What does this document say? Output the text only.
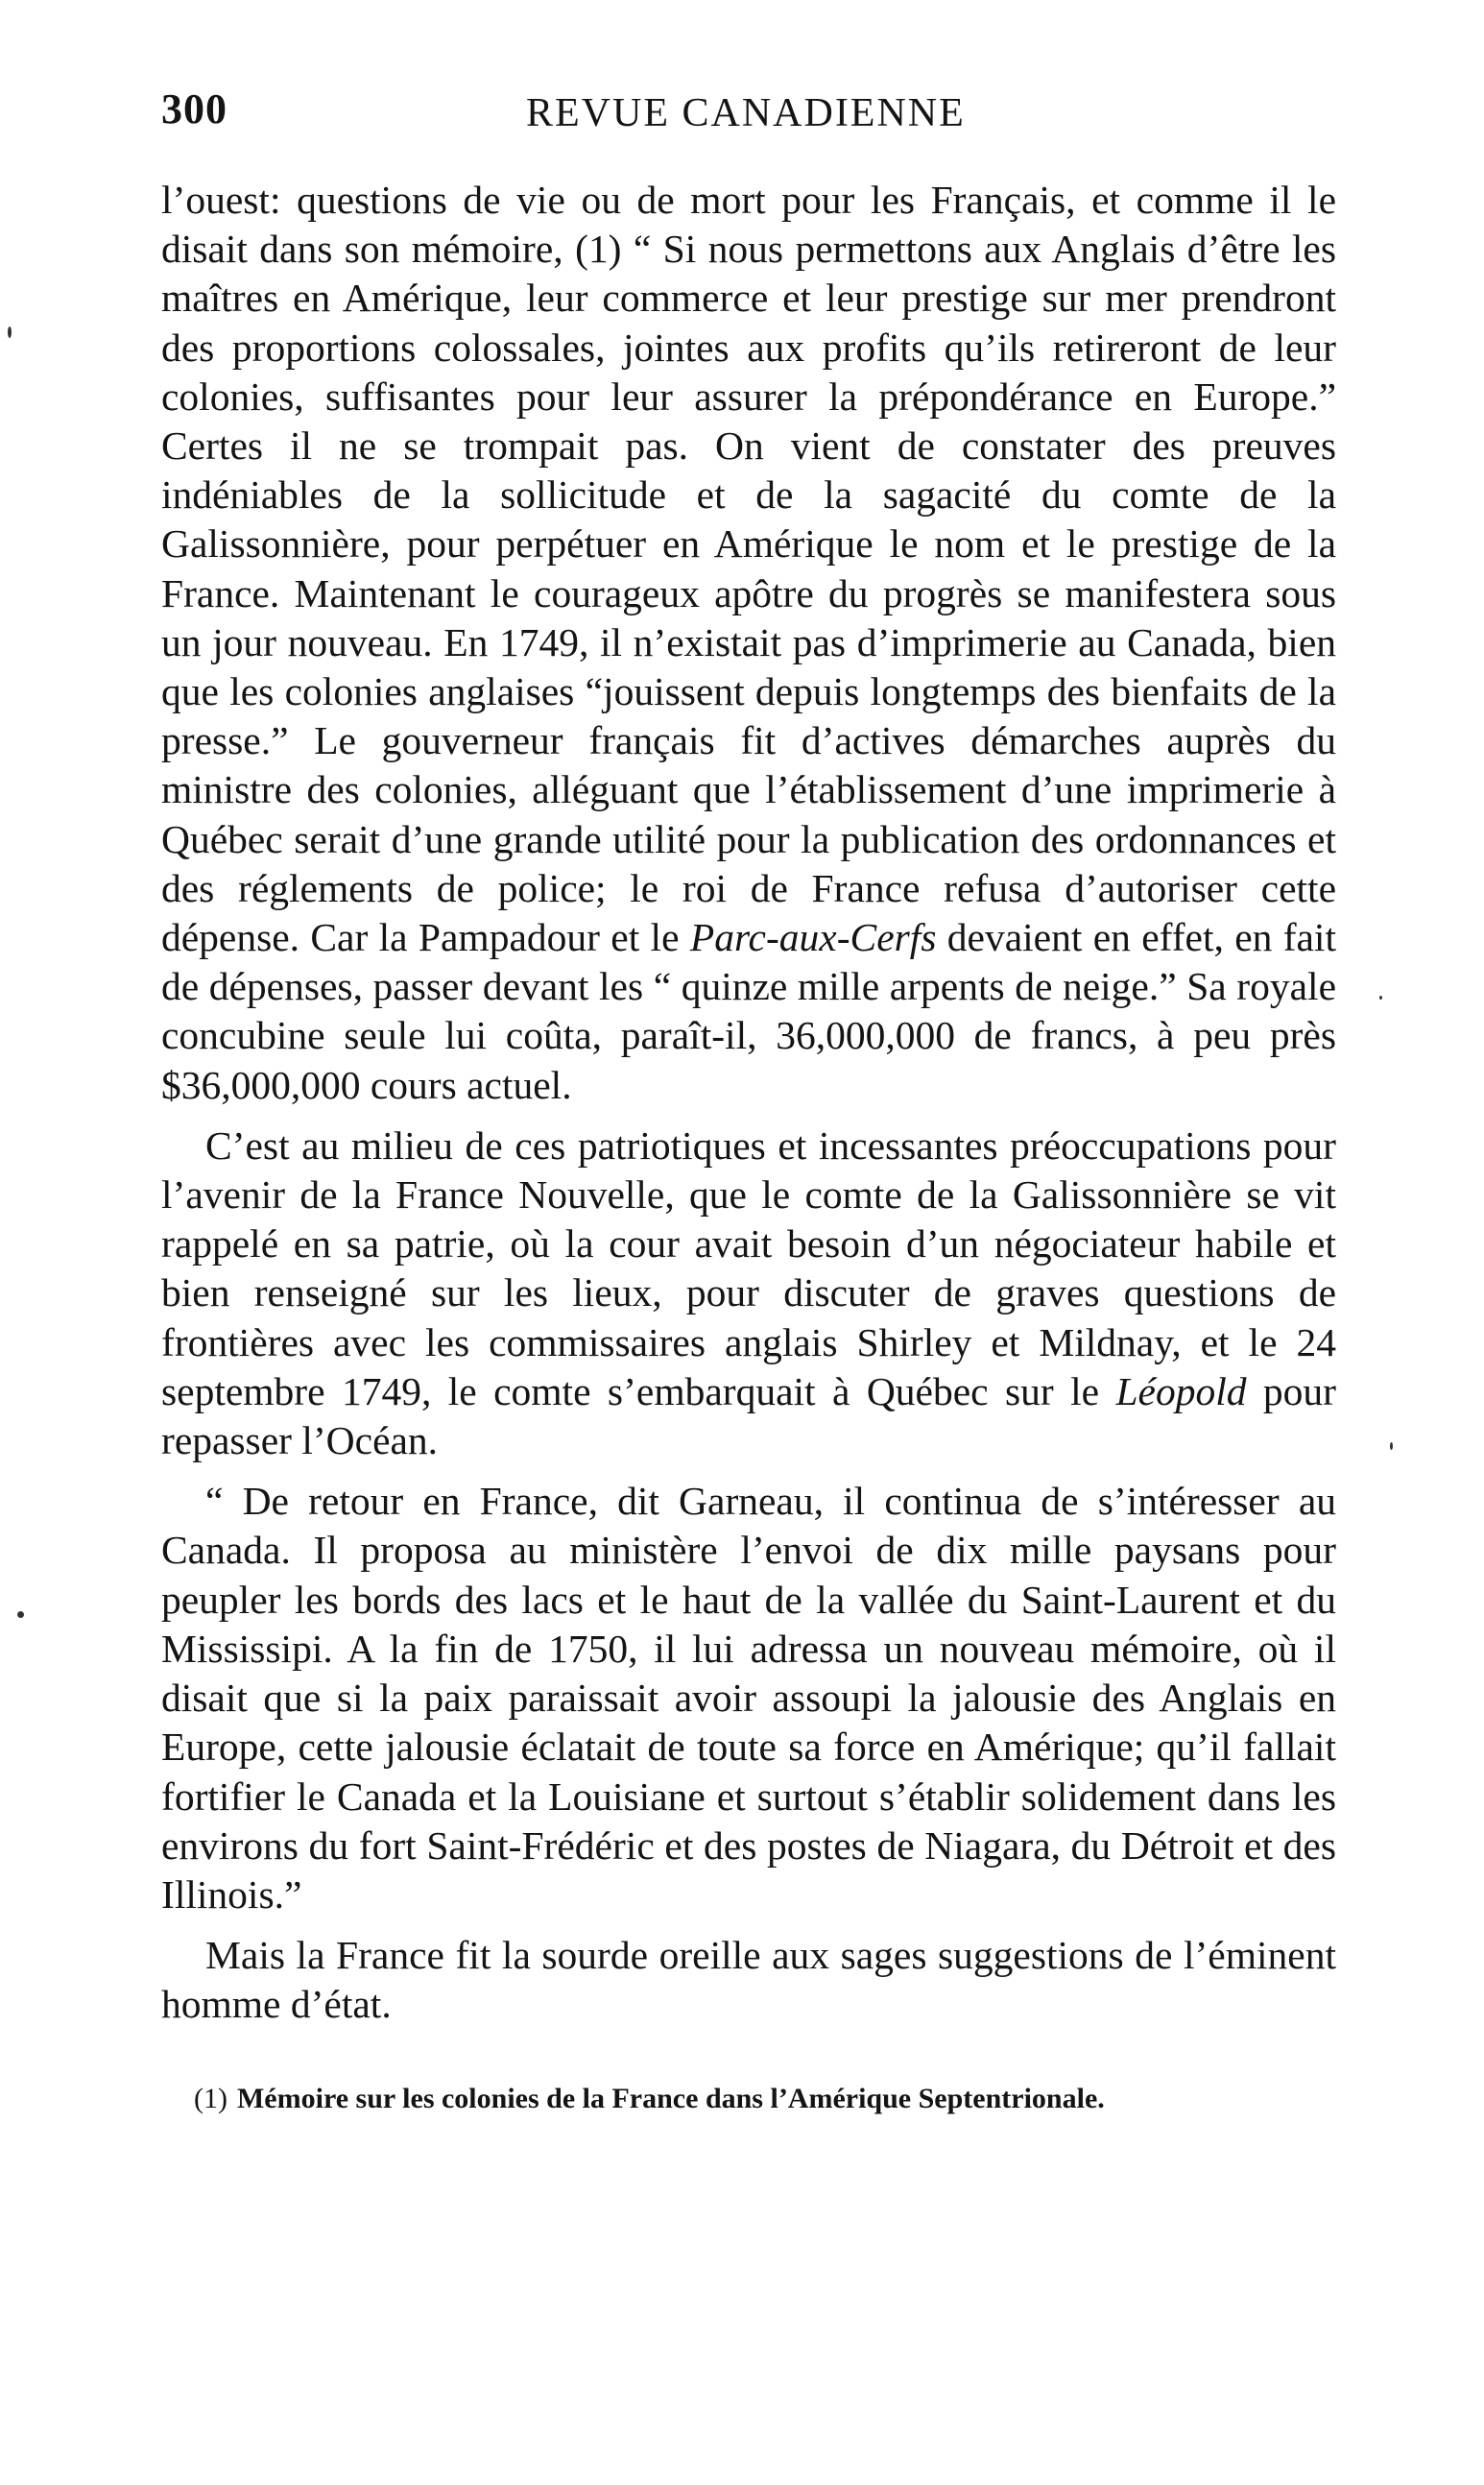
300	REVUE CANADIENNE

l’ouest: questions de vie ou de mort pour les Français, et comme il le disait dans son mémoire, (1) “ Si nous permettons aux Anglais d’être les maîtres en Amérique, leur commerce et leur prestige sur mer prendront des proportions colossales, jointes aux profits qu’ils retireront de leur colonies, suffisantes pour leur assurer la prépondérance en Europe.” Certes il ne se trompait pas. On vient de constater des preuves indéniables de la sollicitude et de la sagacité du comte de la Galissonnière, pour perpétuer en Amérique le nom et le prestige de la France. Maintenant le courageux apôtre du progrès se manifestera sous un jour nouveau. En 1749, il n’existait pas d’imprimerie au Canada, bien que les colonies anglaises “jouissent depuis longtemps des bienfaits de la presse.” Le gouverneur français fit d’actives démarches auprès du ministre des colonies, alléguant que l’établissement d’une imprimerie à Québec serait d’une grande utilité pour la publication des ordonnances et des réglements de police; le roi de France refusa d’autoriser cette dépense. Car la Pampadour et le Parc-aux-Cerfs devaient en effet, en fait de dépenses, passer devant les “ quinze mille arpents de neige.” Sa royale concubine seule lui coûta, paraît-il, 36,000,000 de francs, à peu près $36,000,000 cours actuel.

C’est au milieu de ces patriotiques et incessantes préoccupations pour l’avenir de la France Nouvelle, que le comte de la Galissonnière se vit rappelé en sa patrie, où la cour avait besoin d’un négociateur habile et bien renseigné sur les lieux, pour discuter de graves questions de frontières avec les commissaires anglais Shirley et Mildnay, et le 24 septembre 1749, le comte s’embarquait à Québec sur le Léopold pour repasser l’Océan.

“ De retour en France, dit Garneau, il continua de s’intéresser au Canada. Il proposa au ministère l’envoi de dix mille paysans pour peupler les bords des lacs et le haut de la vallée du Saint-Laurent et du Mississipi. A la fin de 1750, il lui adressa un nouveau mémoire, où il disait que si la paix paraissait avoir assoupi la jalousie des Anglais en Europe, cette jalousie éclatait de toute sa force en Amérique; qu’il fallait fortifier le Canada et la Louisiane et surtout s’établir solidement dans les environs du fort Saint-Frédéric et des postes de Niagara, du Détroit et des Illinois.”

Mais la France fit la sourde oreille aux sages suggestions de l’éminent homme d’état.

(1) Mémoire sur les colonies de la France dans l’Amérique Septentrionale.
